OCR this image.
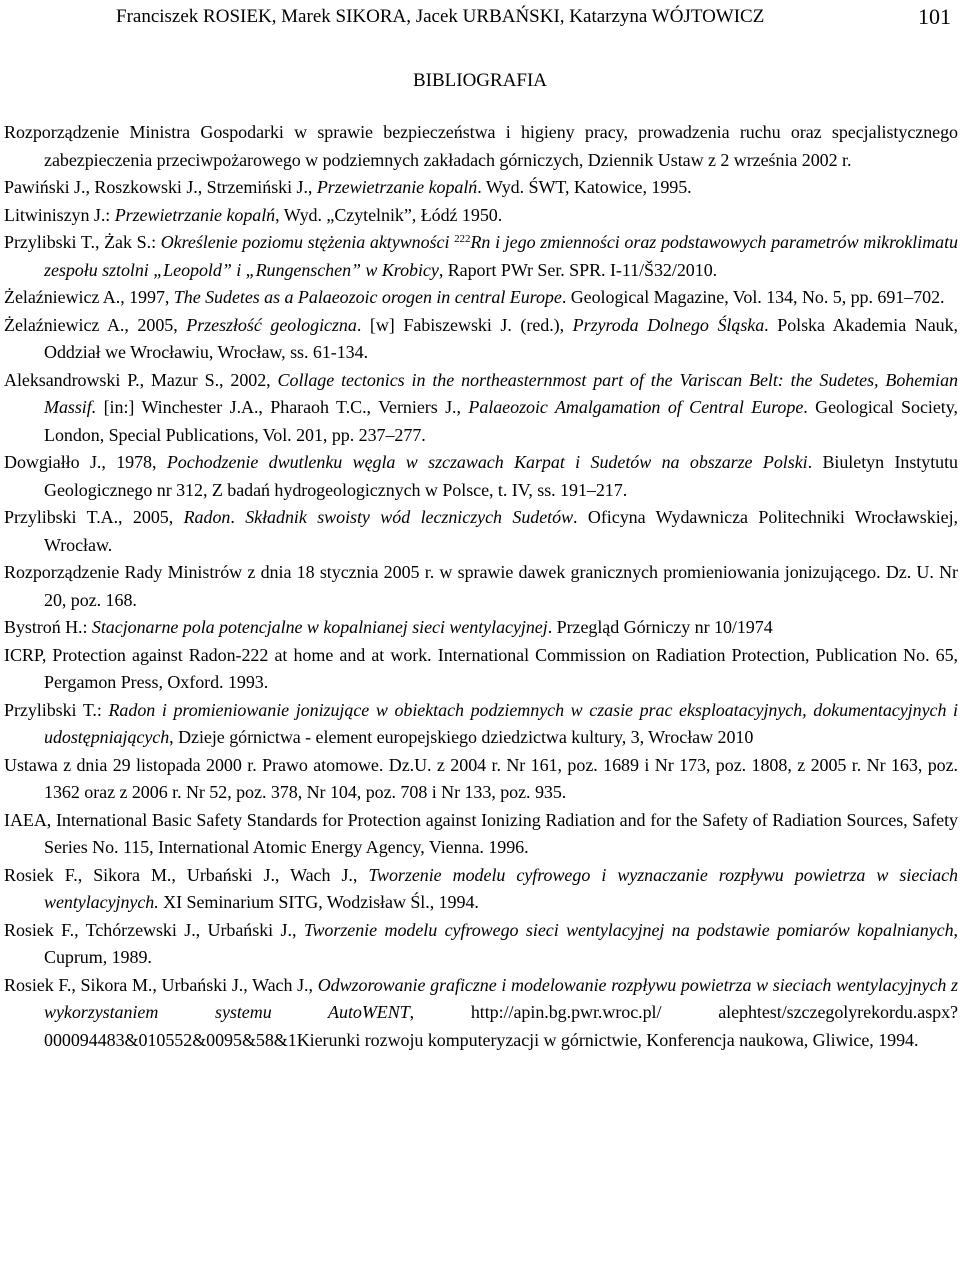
Franciszek ROSIEK, Marek SIKORA, Jacek URBAŃSKI, Katarzyna WÓJTOWICZ	101
BIBLIOGRAFIA
Rozporządzenie Ministra Gospodarki w sprawie bezpieczeństwa i higieny pracy, prowadzenia ruchu oraz specjalistycznego zabezpieczenia przeciwpożarowego w podziemnych zakładach górniczych, Dziennik Ustaw z 2 września 2002 r.
Pawiński J., Roszkowski J., Strzemiński J., Przewietrzanie kopalń. Wyd. ŚWT, Katowice, 1995.
Litwiniszyn J.: Przewietrzanie kopalń, Wyd. „Czytelnik”, Łódź 1950.
Przylibski T., Żak S.: Określenie poziomu stężenia aktywności $^{222}$Rn i jego zmienności oraz podstawowych parametrów mikroklimatu zespołu sztolni „Leopold” i „Rungenschen” w Krobicy, Raport PWr Ser. SPR. I-11/Š32/2010.
Żelaźniewicz A., 1997, The Sudetes as a Palaeozoic orogen in central Europe. Geological Magazine, Vol. 134, No. 5, pp. 691–702.
Żelaźniewicz A., 2005, Przeszłość geologiczna. [w] Fabiszewski J. (red.), Przyroda Dolnego Śląska. Polska Akademia Nauk, Oddział we Wrocławiu, Wrocław, ss. 61-134.
Aleksandrowski P., Mazur S., 2002, Collage tectonics in the northeasternmost part of the Variscan Belt: the Sudetes, Bohemian Massif. [in:] Winchester J.A., Pharaoh T.C., Verniers J., Palaeozoic Amalgamation of Central Europe. Geological Society, London, Special Publications, Vol. 201, pp. 237–277.
Dowgiałło J., 1978, Pochodzenie dwutlenku węgla w szczawach Karpat i Sudetów na obszarze Polski. Biuletyn Instytutu Geologicznego nr 312, Z badań hydrogeologicznych w Polsce, t. IV, ss. 191–217.
Przylibski T.A., 2005, Radon. Składnik swoisty wód leczniczych Sudetów. Oficyna Wydawnicza Politechniki Wrocławskiej, Wrocław.
Rozporządzenie Rady Ministrów z dnia 18 stycznia 2005 r. w sprawie dawek granicznych promieniowania jonizującego. Dz. U. Nr 20, poz. 168.
Bystroń H.: Stacjonarne pola potencjalne w kopalnianej sieci wentylacyjnej. Przegląd Górniczy nr 10/1974
ICRP, Protection against Radon-222 at home and at work. International Commission on Radiation Protection, Publication No. 65, Pergamon Press, Oxford. 1993.
Przylibski T.: Radon i promieniowanie jonizujące w obiektach podziemnych w czasie prac eksploatacyjnych, dokumentacyjnych i udostępniających, Dzieje górnictwa - element europejskiego dziedzictwa kultury, 3, Wrocław 2010
Ustawa z dnia 29 listopada 2000 r. Prawo atomowe. Dz.U. z 2004 r. Nr 161, poz. 1689 i Nr 173, poz. 1808, z 2005 r. Nr 163, poz. 1362 oraz z 2006 r. Nr 52, poz. 378, Nr 104, poz. 708 i Nr 133, poz. 935.
IAEA, International Basic Safety Standards for Protection against Ionizing Radiation and for the Safety of Radiation Sources, Safety Series No. 115, International Atomic Energy Agency, Vienna. 1996.
Rosiek F., Sikora M., Urbański J., Wach J., Tworzenie modelu cyfrowego i wyznaczanie rozpływu powietrza w sieciach wentylacyjnych. XI Seminarium SITG, Wodzisław Śl., 1994.
Rosiek F., Tchórzewski J., Urbański J., Tworzenie modelu cyfrowego sieci wentylacyjnej na podstawie pomiarów kopalnianych, Cuprum, 1989.
Rosiek F., Sikora M., Urbański J., Wach J., Odwzorowanie graficzne i modelowanie rozpływu powietrza w sieciach wentylacyjnych z wykorzystaniem systemu AutoWENT, http://apin.bg.pwr.wroc.pl/ alephtest/szczegolyrekordu.aspx?000094483&010552&0095&58&1Kierunki rozwoju komputeryzacji w górnictwie, Konferencja naukowa, Gliwice, 1994.
